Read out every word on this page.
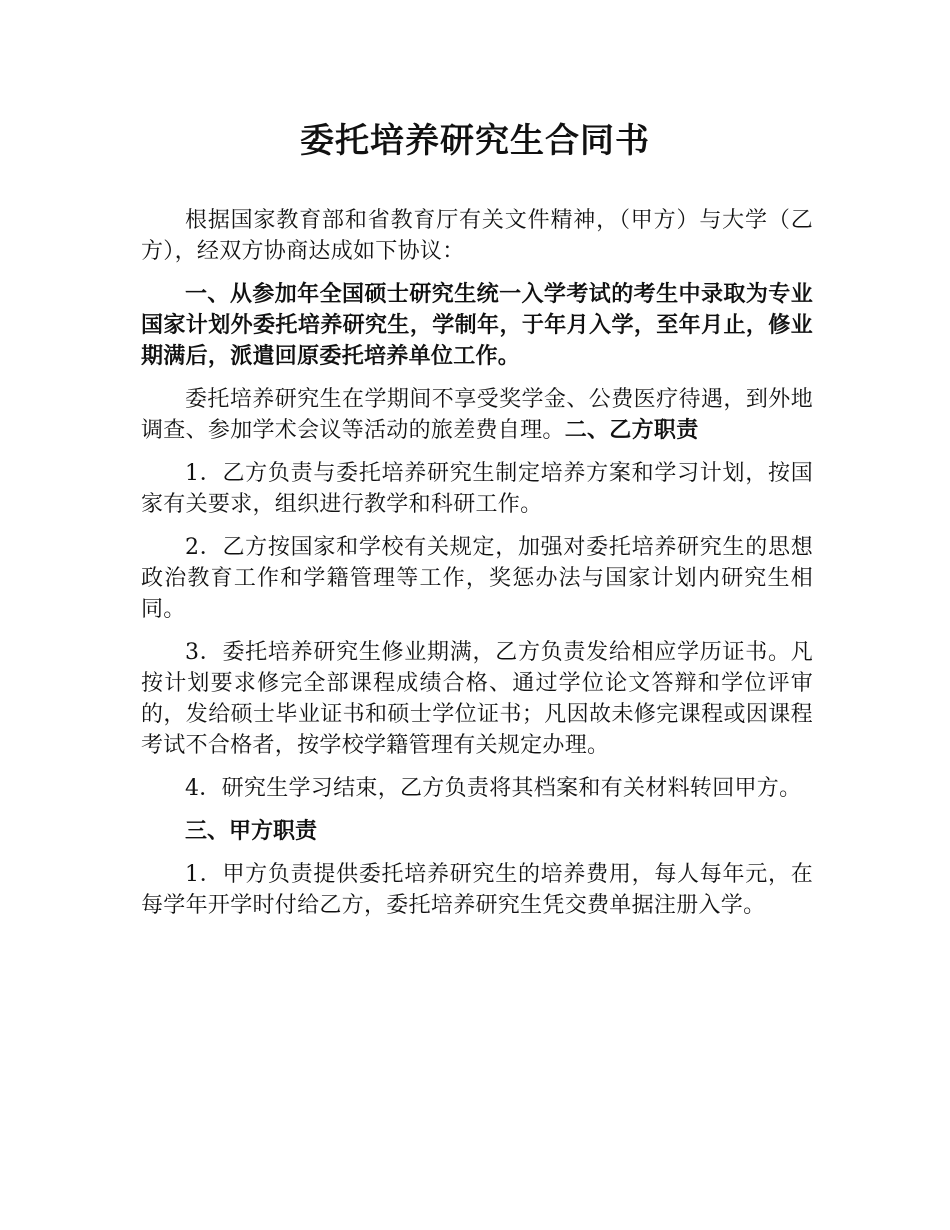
委托培养研究生合同书

根据国家教育部和省教育厅有关文件精神，（甲方）与大学（乙方），经双方协商达成如下协议：

一、从参加年全国硕士研究生统一入学考试的考生中录取为专业国家计划外委托培养研究生，学制年，于年月入学，至年月止，修业期满后，派遣回原委托培养单位工作。

委托培养研究生在学期间不享受奖学金、公费医疗待遇，到外地调查、参加学术会议等活动的旅差费自理。二、乙方职责

1．乙方负责与委托培养研究生制定培养方案和学习计划，按国家有关要求，组织进行教学和科研工作。

2．乙方按国家和学校有关规定，加强对委托培养研究生的思想政治教育工作和学籍管理等工作，奖惩办法与国家计划内研究生相同。

3．委托培养研究生修业期满，乙方负责发给相应学历证书。凡按计划要求修完全部课程成绩合格、通过学位论文答辩和学位评审的，发给硕士毕业证书和硕士学位证书；凡因故未修完课程或因课程考试不合格者，按学校学籍管理有关规定办理。

4．研究生学习结束，乙方负责将其档案和有关材料转回甲方。

三、甲方职责

1．甲方负责提供委托培养研究生的培养费用，每人每年元，在每学年开学时付给乙方，委托培养研究生凭交费单据注册入学。
